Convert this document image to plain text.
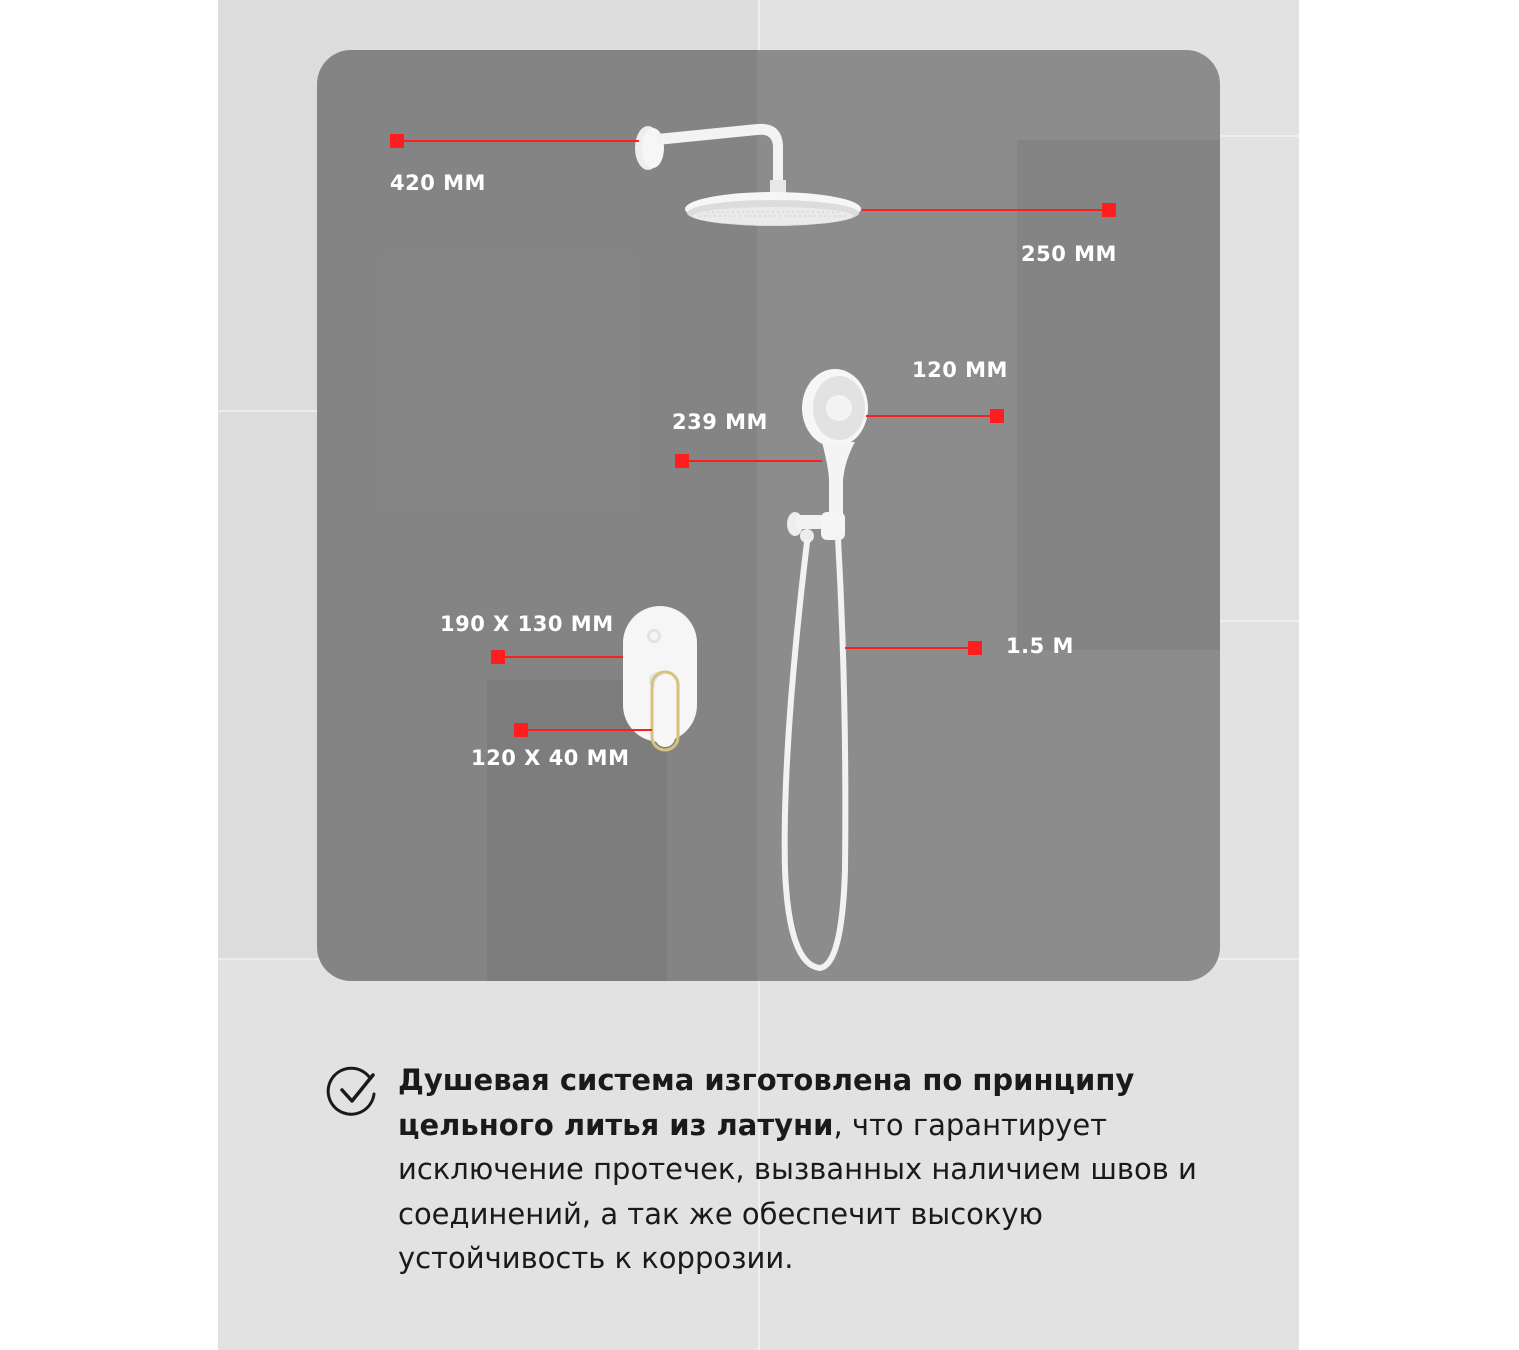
420 MM
250 MM
120 MM
239 MM
190 X 130 MM
120 X 40 MM
1.5 M

Душевая система изготовлена по принципу цельного литья из латуни, что гарантирует исключение протечек, вызванных наличием швов и соединений, а так же обеспечит высокую устойчивость к коррозии.
